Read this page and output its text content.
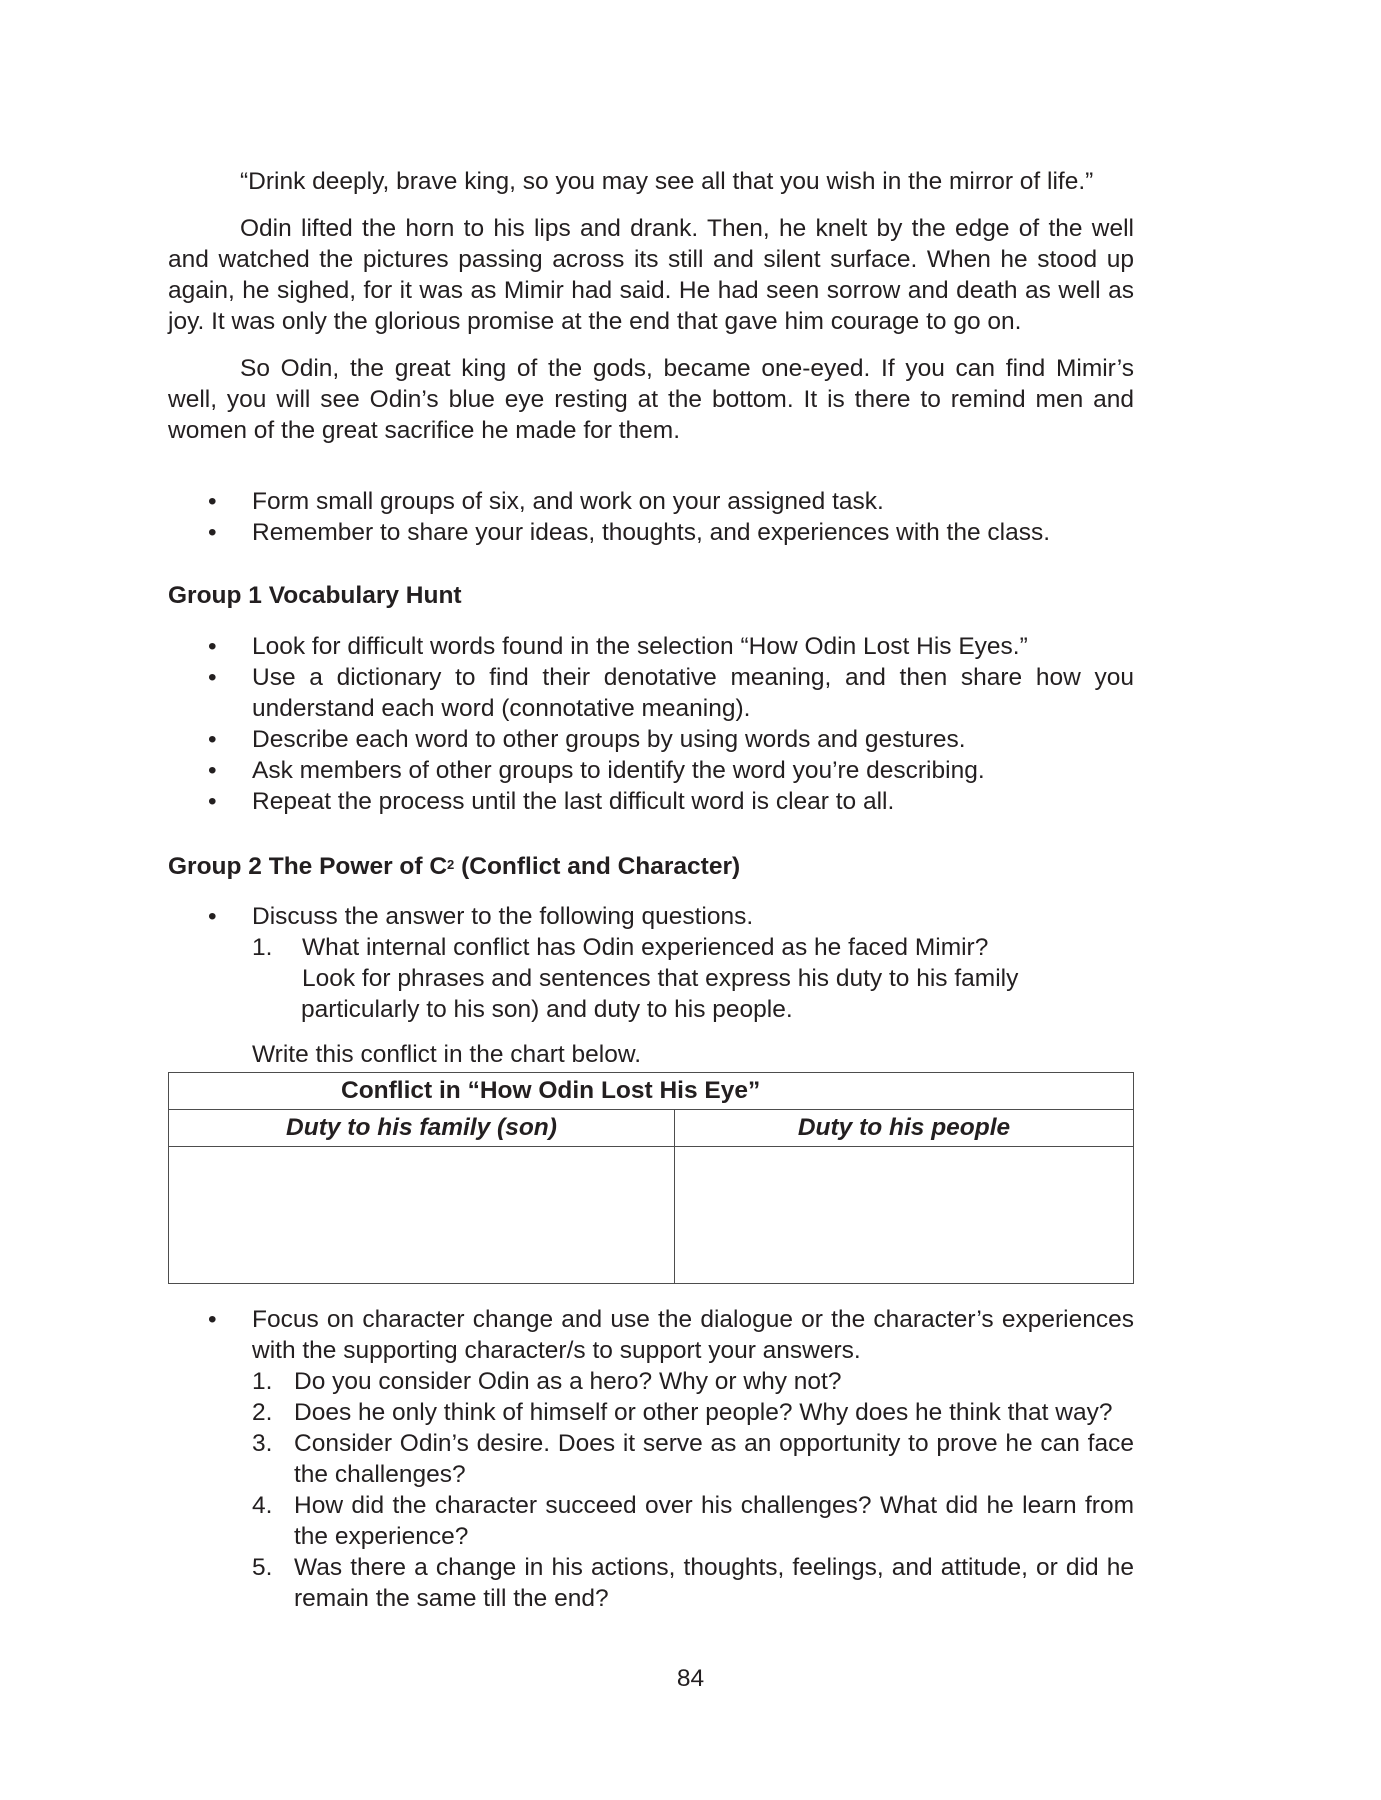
“Drink deeply, brave king, so you may see all that you wish in the mirror of life.”

Odin lifted the horn to his lips and drank. Then, he knelt by the edge of the well and watched the pictures passing across its still and silent surface. When he stood up again, he sighed, for it was as Mimir had said. He had seen sorrow and death as well as joy. It was only the glorious promise at the end that gave him courage to go on.

So Odin, the great king of the gods, became one-eyed. If you can find Mimir’s well, you will see Odin’s blue eye resting at the bottom. It is there to remind men and women of the great sacrifice he made for them.

• Form small groups of six, and work on your assigned task.
• Remember to share your ideas, thoughts, and experiences with the class.
Group 1 Vocabulary Hunt
• Look for difficult words found in the selection “How Odin Lost His Eyes.”
• Use a dictionary to find their denotative meaning, and then share how you understand each word (connotative meaning).
• Describe each word to other groups by using words and gestures.
• Ask members of other groups to identify the word you’re describing.
• Repeat the process until the last difficult word is clear to all.
Group 2 The Power of $C^2$ (Conflict and Character)
• Discuss the answer to the following questions.
1. What internal conflict has Odin experienced as he faced Mimir?
Look for phrases and sentences that express his duty to his family
particularly to his son) and duty to his people.
Write this conflict in the chart below.
Conflict in “How Odin Lost His Eye”	
Duty to his family (son)	Duty to his people

• Focus on character change and use the dialogue or the character’s experiences with the supporting character/s to support your answers.
1. Do you consider Odin as a hero? Why or why not?
2. Does he only think of himself or other people? Why does he think that way?
3. Consider Odin’s desire. Does it serve as an opportunity to prove he can face the challenges?
4. How did the character succeed over his challenges? What did he learn from the experience?
5. Was there a change in his actions, thoughts, feelings, and attitude, or did he remain the same till the end?
84
